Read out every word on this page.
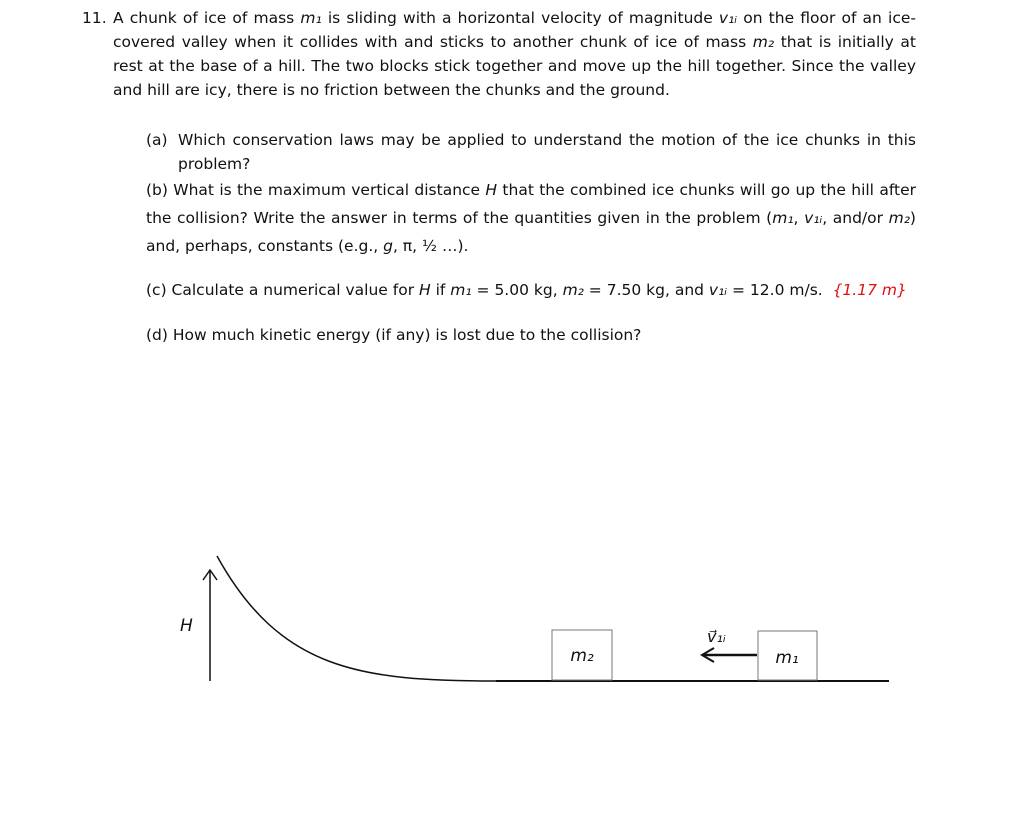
11. A chunk of ice of mass m₁ is sliding with a horizontal velocity of magnitude v₁ᵢ on the floor of an ice-covered valley when it collides with and sticks to another chunk of ice of mass m₂ that is initially at rest at the base of a hill. The two blocks stick together and move up the hill together. Since the valley and hill are icy, there is no friction between the chunks and the ground.
(a) Which conservation laws may be applied to understand the motion of the ice chunks in this problem?
(b) What is the maximum vertical distance H that the combined ice chunks will go up the hill after the collision? Write the answer in terms of the quantities given in the problem (m₁, v₁ᵢ, and/or m₂) and, perhaps, constants (e.g., g, π, ½ …).
(c) Calculate a numerical value for H if m₁ = 5.00 kg, m₂ = 7.50 kg, and v₁ᵢ = 12.0 m/s. {1.17 m}
(d) How much kinetic energy (if any) is lost due to the collision?
H
m₂	m₁
v⃗₁ᵢ
